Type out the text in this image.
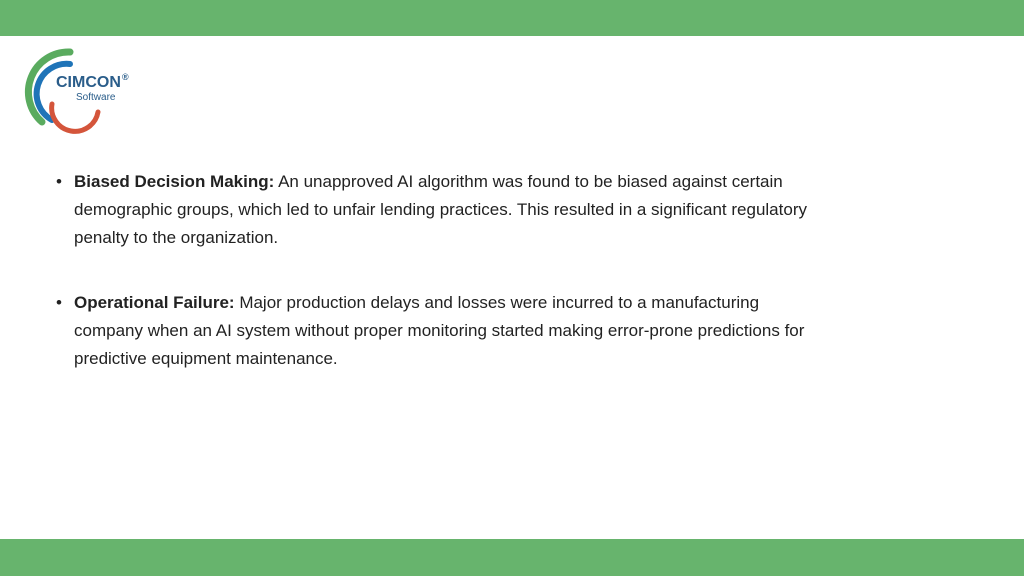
CIMCON ®
Software
• Biased Decision Making: An unapproved AI algorithm was found to be biased against certain demographic groups, which led to unfair lending practices. This resulted in a significant regulatory penalty to the organization.
• Operational Failure: Major production delays and losses were incurred to a manufacturing company when an AI system without proper monitoring started making error-prone predictions for predictive equipment maintenance.
